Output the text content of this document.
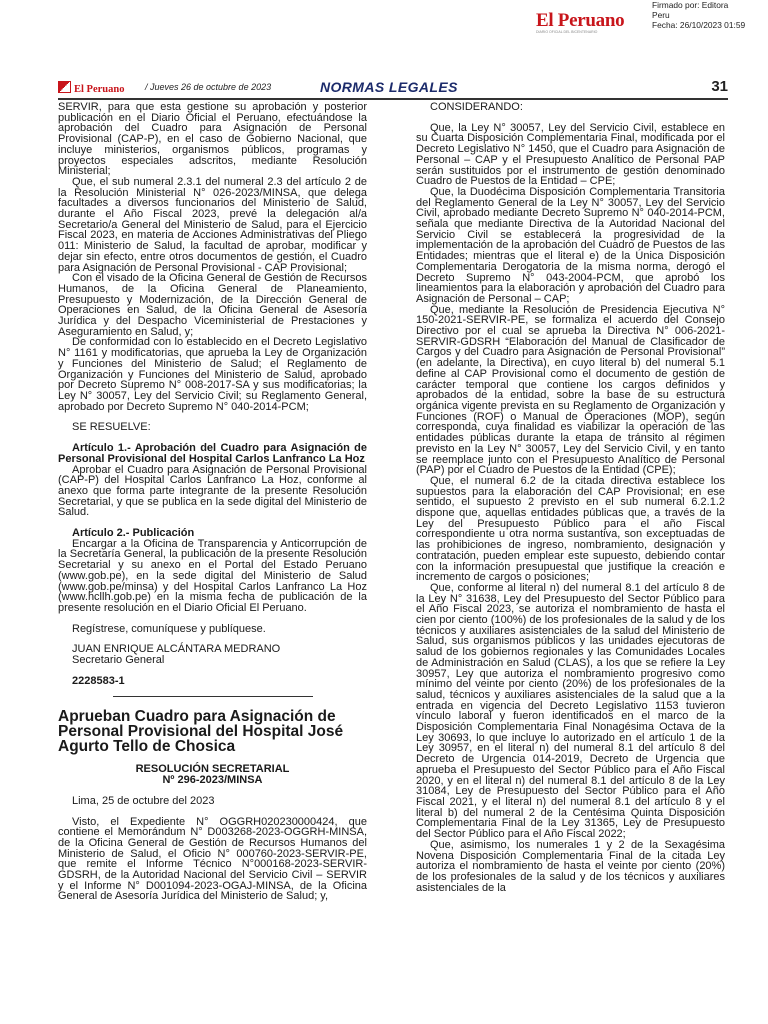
El Peruano
DIARIO OFICIAL DEL BICENTENARIO
Firmado por: Editora
Peru
Fecha: 26/10/2023 01:59
El Peruano / Jueves 26 de octubre de 2023	NORMAS LEGALES	31

SERVIR, para que esta gestione su aprobación y posterior publicación en el Diario Oficial el Peruano, efectuándose la aprobación del Cuadro para Asignación de Personal Provisional (CAP-P), en el caso de Gobierno Nacional, que incluye ministerios, organismos públicos, programas y proyectos especiales adscritos, mediante Resolución Ministerial;

Que, el sub numeral 2.3.1 del numeral 2.3 del artículo 2 de la Resolución Ministerial N° 026-2023/MINSA, que delega facultades a diversos funcionarios del Ministerio de Salud, durante el Año Fiscal 2023, prevé la delegación al/a Secretario/a General del Ministerio de Salud, para el Ejercicio Fiscal 2023, en materia de Acciones Administrativas del Pliego 011: Ministerio de Salud, la facultad de aprobar, modificar y dejar sin efecto, entre otros documentos de gestión, el Cuadro para Asignación de Personal Provisional - CAP Provisional;

Con el visado de la Oficina General de Gestión de Recursos Humanos, de la Oficina General de Planeamiento, Presupuesto y Modernización, de la Dirección General de Operaciones en Salud, de la Oficina General de Asesoría Jurídica y del Despacho Viceministerial de Prestaciones y Aseguramiento en Salud, y;

De conformidad con lo establecido en el Decreto Legislativo N° 1161 y modificatorias, que aprueba la Ley de Organización y Funciones del Ministerio de Salud; el Reglamento de Organización y Funciones del Ministerio de Salud, aprobado por Decreto Supremo N° 008-2017-SA y sus modificatorias; la Ley N° 30057, Ley del Servicio Civil; su Reglamento General, aprobado por Decreto Supremo N° 040-2014-PCM;

SE RESUELVE:

Artículo 1.- Aprobación del Cuadro para Asignación de Personal Provisional del Hospital Carlos Lanfranco La Hoz

Aprobar el Cuadro para Asignación de Personal Provisional (CAP-P) del Hospital Carlos Lanfranco La Hoz, conforme al anexo que forma parte integrante de la presente Resolución Secretarial, y que se publica en la sede digital del Ministerio de Salud.

Artículo 2.- Publicación

Encargar a la Oficina de Transparencia y Anticorrupción de la Secretaría General, la publicación de la presente Resolución Secretarial y su anexo en el Portal del Estado Peruano (www.gob.pe), en la sede digital del Ministerio de Salud (www.gob.pe/minsa) y del Hospital Carlos Lanfranco La Hoz (www.hcllh.gob.pe) en la misma fecha de publicación de la presente resolución en el Diario Oficial El Peruano.

Regístrese, comuníquese y publíquese.

JUAN ENRIQUE ALCÁNTARA MEDRANO

Secretario General

2228583-1

Aprueban Cuadro para Asignación de Personal Provisional del Hospital José Agurto Tello de Chosica

RESOLUCIÓN SECRETARIAL

Nº 296-2023/MINSA

Lima, 25 de octubre del 2023

Visto, el Expediente N° OGGRH020230000424, que contiene el Memorándum N° D003268-2023-OGGRH-MINSA, de la Oficina General de Gestión de Recursos Humanos del Ministerio de Salud, el Oficio N° 000760-2023-SERVIR-PE, que remite el Informe Técnico N°000168-2023-SERVIR-GDSRH, de la Autoridad Nacional del Servicio Civil – SERVIR y el Informe N° D001094-2023-OGAJ-MINSA, de la Oficina General de Asesoría Jurídica del Ministerio de Salud; y,

CONSIDERANDO:

Que, la Ley N° 30057, Ley del Servicio Civil, establece en su Cuarta Disposición Complementaria Final, modificada por el Decreto Legislativo N° 1450, que el Cuadro para Asignación de Personal – CAP y el Presupuesto Analítico de Personal PAP serán sustituidos por el instrumento de gestión denominado Cuadro de Puestos de la Entidad – CPE;

Que, la Duodécima Disposición Complementaria Transitoria del Reglamento General de la Ley N° 30057, Ley del Servicio Civil, aprobado mediante Decreto Supremo N° 040-2014-PCM, señala que mediante Directiva de la Autoridad Nacional del Servicio Civil se establecerá la progresividad de la implementación de la aprobación del Cuadro de Puestos de las Entidades; mientras que el literal e) de la Única Disposición Complementaria Derogatoria de la misma norma, derogó el Decreto Supremo N° 043-2004-PCM, que aprobó los lineamientos para la elaboración y aprobación del Cuadro para Asignación de Personal – CAP;

Que, mediante la Resolución de Presidencia Ejecutiva N° 150-2021-SERVIR-PE, se formaliza el acuerdo del Consejo Directivo por el cual se aprueba la Directiva N° 006-2021-SERVIR-GDSRH “Elaboración del Manual de Clasificador de Cargos y del Cuadro para Asignación de Personal Provisional” (en adelante, la Directiva), en cuyo literal b) del numeral 5.1 define al CAP Provisional como el documento de gestión de carácter temporal que contiene los cargos definidos y aprobados de la entidad, sobre la base de su estructura orgánica vigente prevista en su Reglamento de Organización y Funciones (ROF) o Manual de Operaciones (MOP), según corresponda, cuya finalidad es viabilizar la operación de las entidades públicas durante la etapa de tránsito al régimen previsto en la Ley N° 30057, Ley del Servicio Civil, y en tanto se reemplace junto con el Presupuesto Analítico de Personal (PAP) por el Cuadro de Puestos de la Entidad (CPE);

Que, el numeral 6.2 de la citada directiva establece los supuestos para la elaboración del CAP Provisional; en ese sentido, el supuesto 2 previsto en el sub numeral 6.2.1.2 dispone que, aquellas entidades públicas que, a través de la Ley del Presupuesto Público para el año Fiscal correspondiente u otra norma sustantiva, son exceptuadas de las prohibiciones de ingreso, nombramiento, designación y contratación, pueden emplear este supuesto, debiendo contar con la información presupuestal que justifique la creación e incremento de cargos o posiciones;

Que, conforme al literal n) del numeral 8.1 del artículo 8 de la Ley N° 31638, Ley del Presupuesto del Sector Público para el Año Fiscal 2023, se autoriza el nombramiento de hasta el cien por ciento (100%) de los profesionales de la salud y de los técnicos y auxiliares asistenciales de la salud del Ministerio de Salud, sus organismos públicos y las unidades ejecutoras de salud de los gobiernos regionales y las Comunidades Locales de Administración en Salud (CLAS), a los que se refiere la Ley 30957, Ley que autoriza el nombramiento progresivo como mínimo del veinte por ciento (20%) de los profesionales de la salud, técnicos y auxiliares asistenciales de la salud que a la entrada en vigencia del Decreto Legislativo 1153 tuvieron vínculo laboral y fueron identificados en el marco de la Disposición Complementaria Final Nonagésima Octava de la Ley 30693, lo que incluye lo autorizado en el artículo 1 de la Ley 30957, en el literal n) del numeral 8.1 del artículo 8 del Decreto de Urgencia 014-2019, Decreto de Urgencia que aprueba el Presupuesto del Sector Público para el Año Fiscal 2020, y en el literal n) del numeral 8.1 del artículo 8 de la Ley 31084, Ley de Presupuesto del Sector Público para el Año Fiscal 2021, y el literal n) del numeral 8.1 del artículo 8 y el literal b) del numeral 2 de la Centésima Quinta Disposición Complementaria Final de la Ley 31365, Ley de Presupuesto del Sector Público para el Año Fiscal 2022;

Que, asimismo, los numerales 1 y 2 de la Sexagésima Novena Disposición Complementaria Final de la citada Ley autoriza el nombramiento de hasta el veinte por ciento (20%) de los profesionales de la salud y de los técnicos y auxiliares asistenciales de la
